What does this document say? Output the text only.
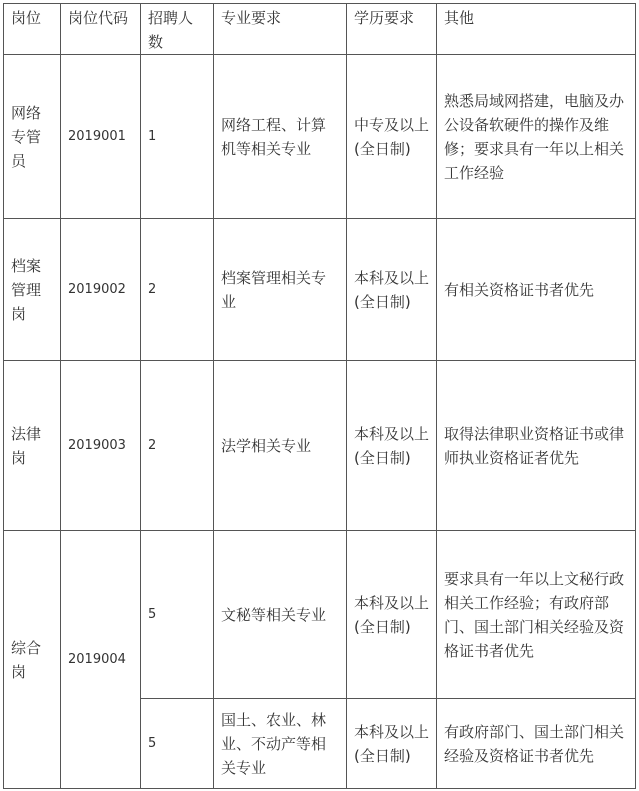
岗位	岗位代码	招聘人数	专业要求	学历要求	其他
网络专管员	2019001	1	网络工程、计算机等相关专业	中专及以上(全日制)	熟悉局域网搭建，电脑及办公设备软硬件的操作及维修；要求具有一年以上相关工作经验
档案管理岗	2019002	2	档案管理相关专业	本科及以上(全日制)	有相关资格证书者优先
法律岗	2019003	2	法学相关专业	本科及以上(全日制)	取得法律职业资格证书或律师执业资格证者优先
综合岗	2019004	5	文秘等相关专业	本科及以上(全日制)	要求具有一年以上文秘行政相关工作经验；有政府部门、国土部门相关经验及资格证书者优先
		5	国土、农业、林业、不动产等相关专业	本科及以上(全日制)	有政府部门、国土部门相关经验及资格证书者优先
